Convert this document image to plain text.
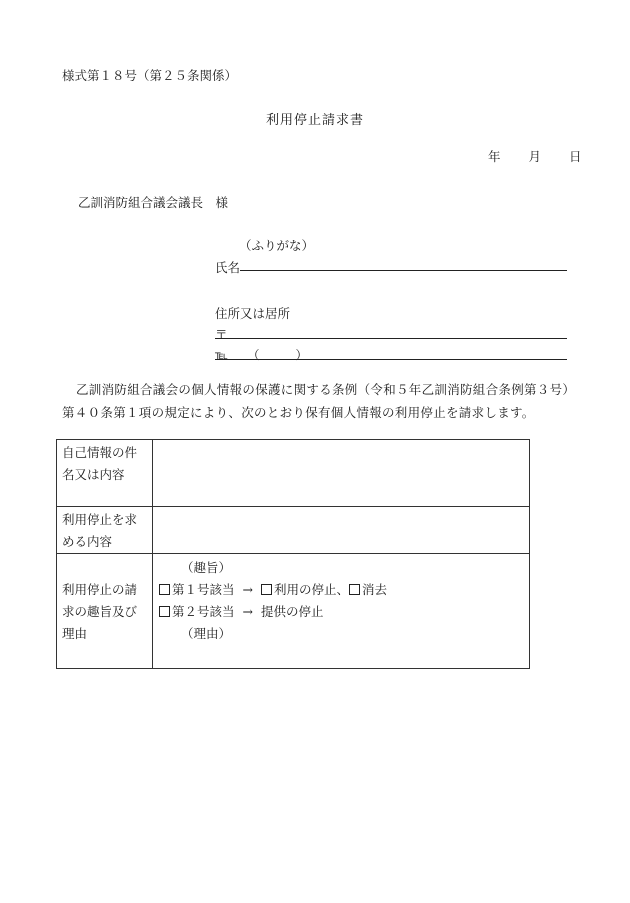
様式第１８号（第２５条関係）
利用停止請求書
年 月 日
乙訓消防組合議会議長　様
（ふりがな）
氏名
住所又は居所
〒
℡ （　　　）
乙訓消防組合議会の個人情報の保護に関する条例（令和５年乙訓消防組合条例第３号）第４０条第１項の規定により、次のとおり保有個人情報の利用停止を請求します。
自己情報の件名又は内容	
利用停止を求める内容	
利用停止の請求の趣旨及び理由	（趣旨）
第１号該当 → 利用の停止、 消去
第２号該当 → 提供の停止
（理由）
